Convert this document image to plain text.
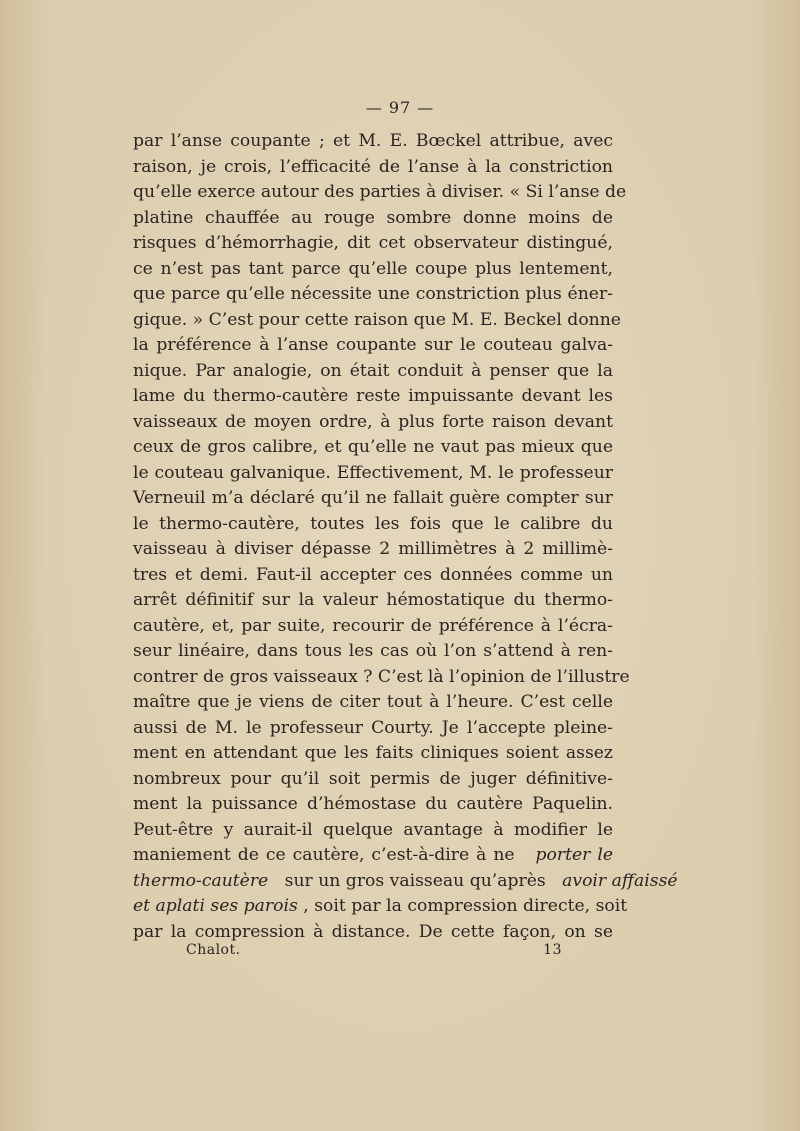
— 97 —
par l’anse coupante ; et M. E. Bœckel attribue, avec
raison, je crois, l’efficacité de l’anse à la constriction
qu’elle exerce autour des parties à diviser. « Si l’anse de
platine chauffée au rouge sombre donne moins de
risques d’hémorrhagie, dit cet observateur distingué,
ce n’est pas tant parce qu’elle coupe plus lentement,
que parce qu’elle nécessite une constriction plus éner-
gique. » C’est pour cette raison que M. E. Beckel donne
la préférence à l’anse coupante sur le couteau galva-
nique. Par analogie, on était conduit à penser que la
lame du thermo-cautère reste impuissante devant les
vaisseaux de moyen ordre, à plus forte raison devant
ceux de gros calibre, et qu’elle ne vaut pas mieux que
le couteau galvanique. Effectivement, M. le professeur
Verneuil m’a déclaré qu’il ne fallait guère compter sur
le thermo-cautère, toutes les fois que le calibre du
vaisseau à diviser dépasse 2 millimètres à 2 millimè-
tres et demi. Faut-il accepter ces données comme un
arrêt définitif sur la valeur hémostatique du thermo-
cautère, et, par suite, recourir de préférence à l’écra-
seur linéaire, dans tous les cas où l’on s’attend à ren-
contrer de gros vaisseaux ? C’est là l’opinion de l’illustre
maître que je viens de citer tout à l’heure. C’est celle
aussi de M. le professeur Courty. Je l’accepte pleine-
ment en attendant que les faits cliniques soient assez
nombreux pour qu’il soit permis de juger définitive-
ment la puissance d’hémostase du cautère Paquelin.
Peut-être y aurait-il quelque avantage à modifier le
maniement de ce cautère, c’est-à-dire à ne porter le
thermo-cautère sur un gros vaisseau qu’après avoir affaissé
et aplati ses parois , soit par la compression directe, soit
par la compression à distance. De cette façon, on se
Chalot.	13
